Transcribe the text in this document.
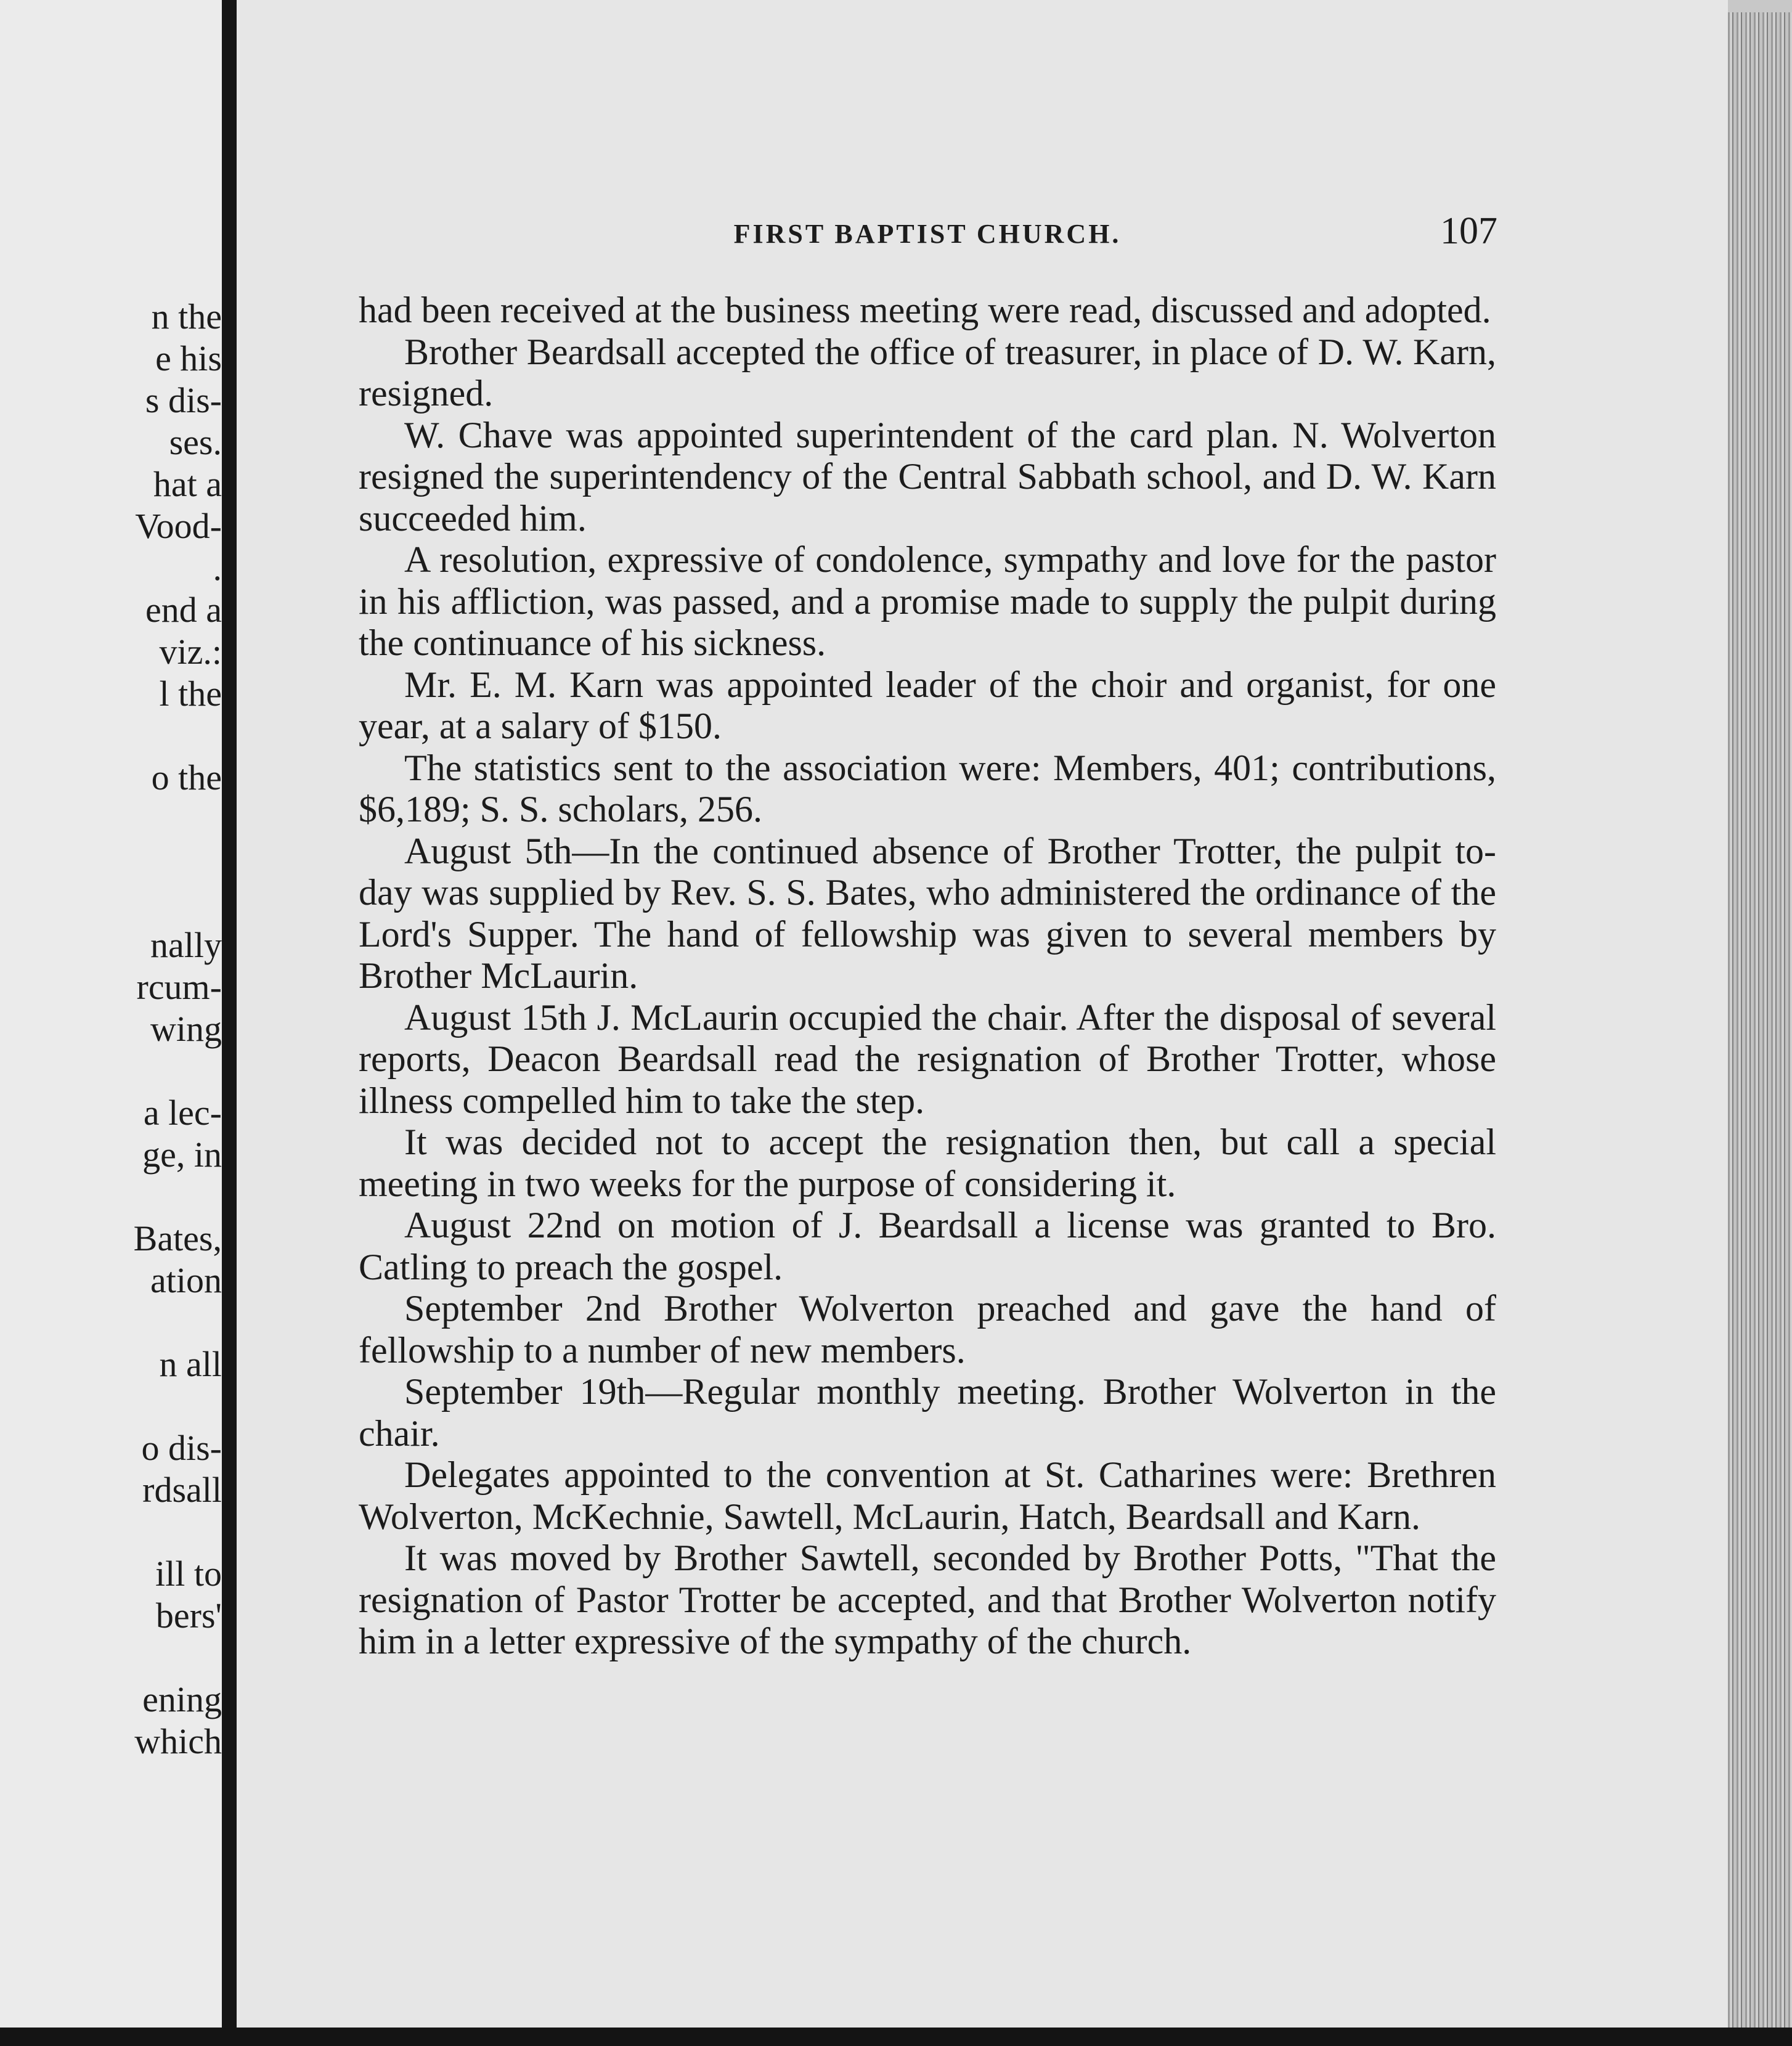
n the

e his

s dis-

ses.

hat a

Vood-

.

end a

viz.:

l the

o the

nally

rcum-

wing

a lec-

ge, in

Bates,

ation

n all

o dis-

rdsall

ill to

bers'

ening

which

FIRST BAPTIST CHURCH.	107

had been received at the business meeting were read, discussed and adopted.

Brother Beardsall accepted the office of treasurer, in place of D. W. Karn, resigned.

W. Chave was appointed superintendent of the card plan. N. Wolverton resigned the superintendency of the Central Sabbath school, and D. W. Karn succeeded him.

A resolution, expressive of condolence, sympathy and love for the pastor in his affliction, was passed, and a promise made to supply the pulpit during the continuance of his sickness.

Mr. E. M. Karn was appointed leader of the choir and organist, for one year, at a salary of $150.

The statistics sent to the association were: Members, 401; contributions, $6,189; S. S. scholars, 256.

August 5th—In the continued absence of Brother Trotter, the pulpit to-day was supplied by Rev. S. S. Bates, who administered the ordinance of the Lord's Supper. The hand of fellowship was given to several members by Brother McLaurin.

August 15th J. McLaurin occupied the chair. After the disposal of several reports, Deacon Beardsall read the resignation of Brother Trotter, whose illness compelled him to take the step.

It was decided not to accept the resignation then, but call a special meeting in two weeks for the purpose of considering it.

August 22nd on motion of J. Beardsall a license was granted to Bro. Catling to preach the gospel.

September 2nd Brother Wolverton preached and gave the hand of fellowship to a number of new members.

September 19th—Regular monthly meeting. Brother Wolverton in the chair.

Delegates appointed to the convention at St. Catharines were: Brethren Wolverton, McKechnie, Sawtell, McLaurin, Hatch, Beardsall and Karn.

It was moved by Brother Sawtell, seconded by Brother Potts, "That the resignation of Pastor Trotter be accepted, and that Brother Wolverton notify him in a letter expressive of the sympathy of the church.
